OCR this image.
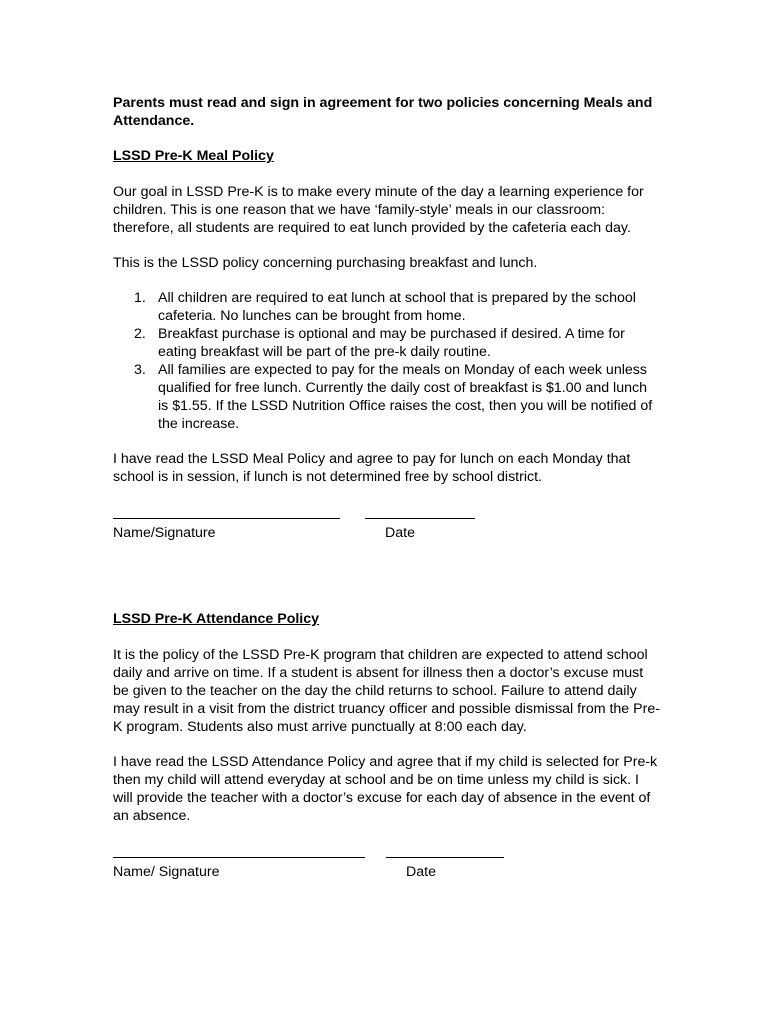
Parents must read and sign in agreement for two policies concerning Meals and Attendance.

LSSD Pre-K Meal Policy

Our goal in LSSD Pre-K is to make every minute of the day a learning experience for children. This is one reason that we have ‘family-style’ meals in our classroom: therefore, all students are required to eat lunch provided by the cafeteria each day.

This is the LSSD policy concerning purchasing breakfast and lunch.

1. All children are required to eat lunch at school that is prepared by the school cafeteria. No lunches can be brought from home.
2. Breakfast purchase is optional and may be purchased if desired. A time for eating breakfast will be part of the pre-k daily routine.
3. All families are expected to pay for the meals on Monday of each week unless qualified for free lunch. Currently the daily cost of breakfast is $1.00 and lunch is $1.55. If the LSSD Nutrition Office raises the cost, then you will be notified of the increase.

I have read the LSSD Meal Policy and agree to pay for lunch on each Monday that school is in session, if lunch is not determined free by school district.

Name/Signature	Date

LSSD Pre-K Attendance Policy

It is the policy of the LSSD Pre-K program that children are expected to attend school daily and arrive on time. If a student is absent for illness then a doctor’s excuse must be given to the teacher on the day the child returns to school. Failure to attend daily may result in a visit from the district truancy officer and possible dismissal from the Pre-K program. Students also must arrive punctually at 8:00 each day.

I have read the LSSD Attendance Policy and agree that if my child is selected for Pre-k then my child will attend everyday at school and be on time unless my child is sick. I will provide the teacher with a doctor’s excuse for each day of absence in the event of an absence.

Name/ Signature	Date
